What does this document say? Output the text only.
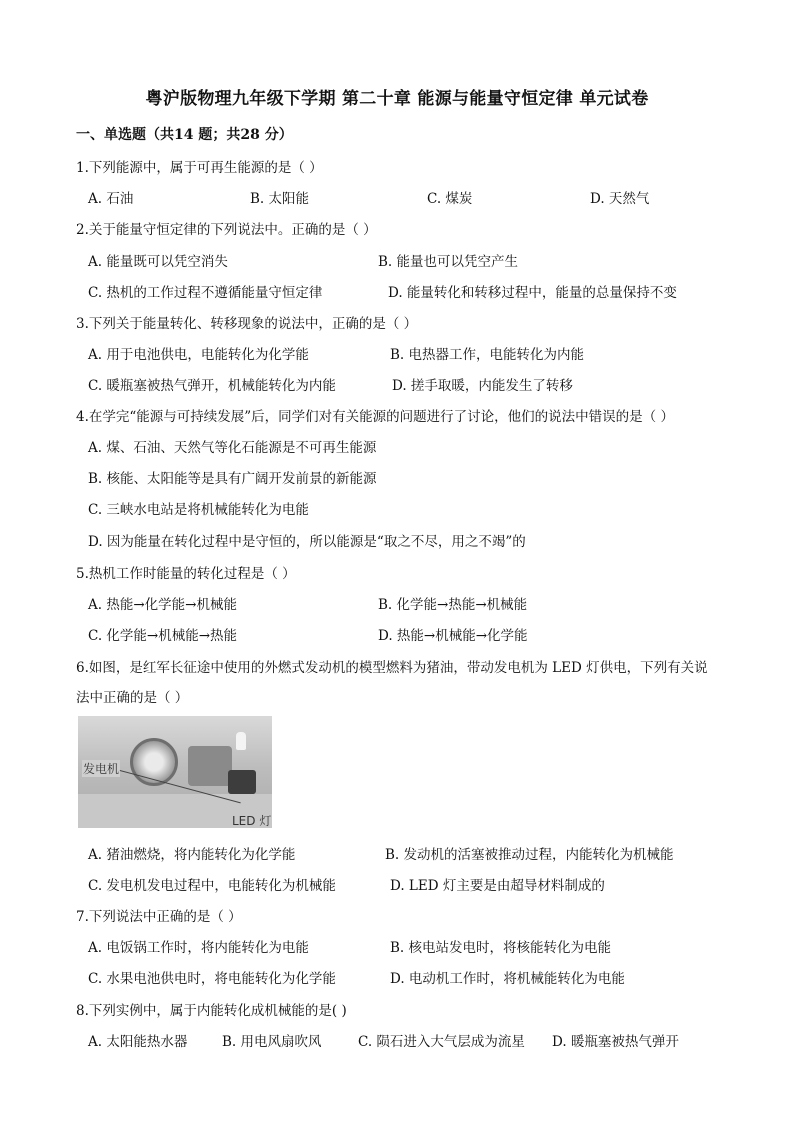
粤沪版物理九年级下学期 第二十章 能源与能量守恒定律 单元试卷
一、单选题（共14 题；共28 分）
1.下列能源中，属于可再生能源的是（ ）
A. 石油	B. 太阳能	C. 煤炭	D. 天然气
2.关于能量守恒定律的下列说法中。正确的是（ ）
A. 能量既可以凭空消失	B. 能量也可以凭空产生
C. 热机的工作过程不遵循能量守恒定律	D. 能量转化和转移过程中，能量的总量保持不变
3.下列关于能量转化、转移现象的说法中，正确的是（ ）
A. 用于电池供电，电能转化为化学能	B. 电热器工作，电能转化为内能
C. 暖瓶塞被热气弹开，机械能转化为内能	D. 搓手取暖，内能发生了转移
4.在学完“能源与可持续发展”后，同学们对有关能源的问题进行了讨论，他们的说法中错误的是（ ）
A. 煤、石油、天然气等化石能源是不可再生能源
B. 核能、太阳能等是具有广阔开发前景的新能源
C. 三峡水电站是将机械能转化为电能
D. 因为能量在转化过程中是守恒的，所以能源是“取之不尽，用之不竭”的
5.热机工作时能量的转化过程是（ ）
A. 热能→化学能→机械能	B. 化学能→热能→机械能
C. 化学能→机械能→热能	D. 热能→机械能→化学能
6.如图，是红军长征途中使用的外燃式发动机的模型燃料为猪油，带动发电机为 LED 灯供电，下列有关说
法中正确的是（ ）
发电机
LED 灯
A. 猪油燃烧，将内能转化为化学能	B. 发动机的活塞被推动过程，内能转化为机械能
C. 发电机发电过程中，电能转化为机械能	D. LED 灯主要是由超导材料制成的
7.下列说法中正确的是（ ）
A. 电饭锅工作时，将内能转化为电能	B. 核电站发电时，将核能转化为电能
C. 水果电池供电时，将电能转化为化学能	D. 电动机工作时，将机械能转化为电能
8.下列实例中，属于内能转化成机械能的是( )
A. 太阳能热水器	B. 用电风扇吹风	C. 陨石进入大气层成为流星 D. 暖瓶塞被热气弹开
